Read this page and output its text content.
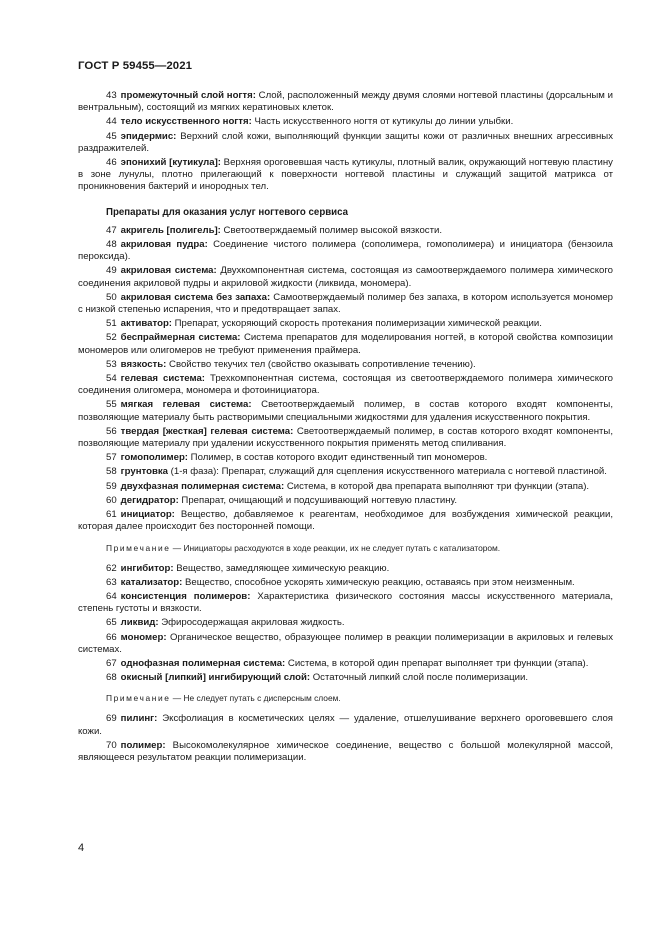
ГОСТ Р 59455—2021

43 промежуточный слой ногтя: Слой, расположенный между двумя слоями ногтевой пластины (дорсальным и вентральным), состоящий из мягких кератиновых клеток.

44 тело искусственного ногтя: Часть искусственного ногтя от кутикулы до линии улыбки.

45 эпидермис: Верхний слой кожи, выполняющий функции защиты кожи от различных внешних агрессивных раздражителей.

46 эпонихий [кутикула]: Верхняя ороговевшая часть кутикулы, плотный валик, окружающий ногтевую пластину в зоне лунулы, плотно прилегающий к поверхности ногтевой пластины и служащий защитой матрикса от проникновения бактерий и инородных тел.

Препараты для оказания услуг ногтевого сервиса

47 акригель [полигель]: Светоотверждаемый полимер высокой вязкости.

48 акриловая пудра: Соединение чистого полимера (сополимера, гомополимера) и инициатора (бензоила пероксида).

49 акриловая система: Двухкомпонентная система, состоящая из самоотверждаемого полимера химического соединения акриловой пудры и акриловой жидкости (ликвида, мономера).

50 акриловая система без запаха: Самоотверждаемый полимер без запаха, в котором используется мономер с низкой степенью испарения, что и предотвращает запах.

51 активатор: Препарат, ускоряющий скорость протекания полимеризации химической реакции.

52 беспраймерная система: Система препаратов для моделирования ногтей, в которой свойства композиции мономеров или олигомеров не требуют применения праймера.

53 вязкость: Свойство текучих тел (свойство оказывать сопротивление течению).

54 гелевая система: Трехкомпонентная система, состоящая из светоотверждаемого полимера химического соединения олигомера, мономера и фотоинициатора.

55 мягкая гелевая система: Светоотверждаемый полимер, в состав которого входят компоненты, позволяющие материалу быть растворимыми специальными жидкостями для удаления искусственного покрытия.

56 твердая [жесткая] гелевая система: Светоотверждаемый полимер, в состав которого входят компоненты, позволяющие материалу при удалении искусственного покрытия применять метод спиливания.

57 гомополимер: Полимер, в состав которого входит единственный тип мономеров.

58 грунтовка (1-я фаза): Препарат, служащий для сцепления искусственного материала с ногтевой пластиной.

59 двухфазная полимерная система: Система, в которой два препарата выполняют три функции (этапа).

60 дегидратор: Препарат, очищающий и подсушивающий ногтевую пластину.

61 инициатор: Вещество, добавляемое к реагентам, необходимое для возбуждения химической реакции, которая далее происходит без посторонней помощи.

Примечание — Инициаторы расходуются в ходе реакции, их не следует путать с катализатором.

62 ингибитор: Вещество, замедляющее химическую реакцию.

63 катализатор: Вещество, способное ускорять химическую реакцию, оставаясь при этом неизменным.

64 консистенция полимеров: Характеристика физического состояния массы искусственного материала, степень густоты и вязкости.

65 ликвид: Эфиросодержащая акриловая жидкость.

66 мономер: Органическое вещество, образующее полимер в реакции полимеризации в акриловых и гелевых системах.

67 однофазная полимерная система: Система, в которой один препарат выполняет три функции (этапа).

68 окисный [липкий] ингибирующий слой: Остаточный липкий слой после полимеризации.

Примечание — Не следует путать с дисперсным слоем.

69 пилинг: Эксфолиация в косметических целях — удаление, отшелушивание верхнего ороговевшего слоя кожи.

70 полимер: Высокомолекулярное химическое соединение, вещество с большой молекулярной массой, являющееся результатом реакции полимеризации.

4
